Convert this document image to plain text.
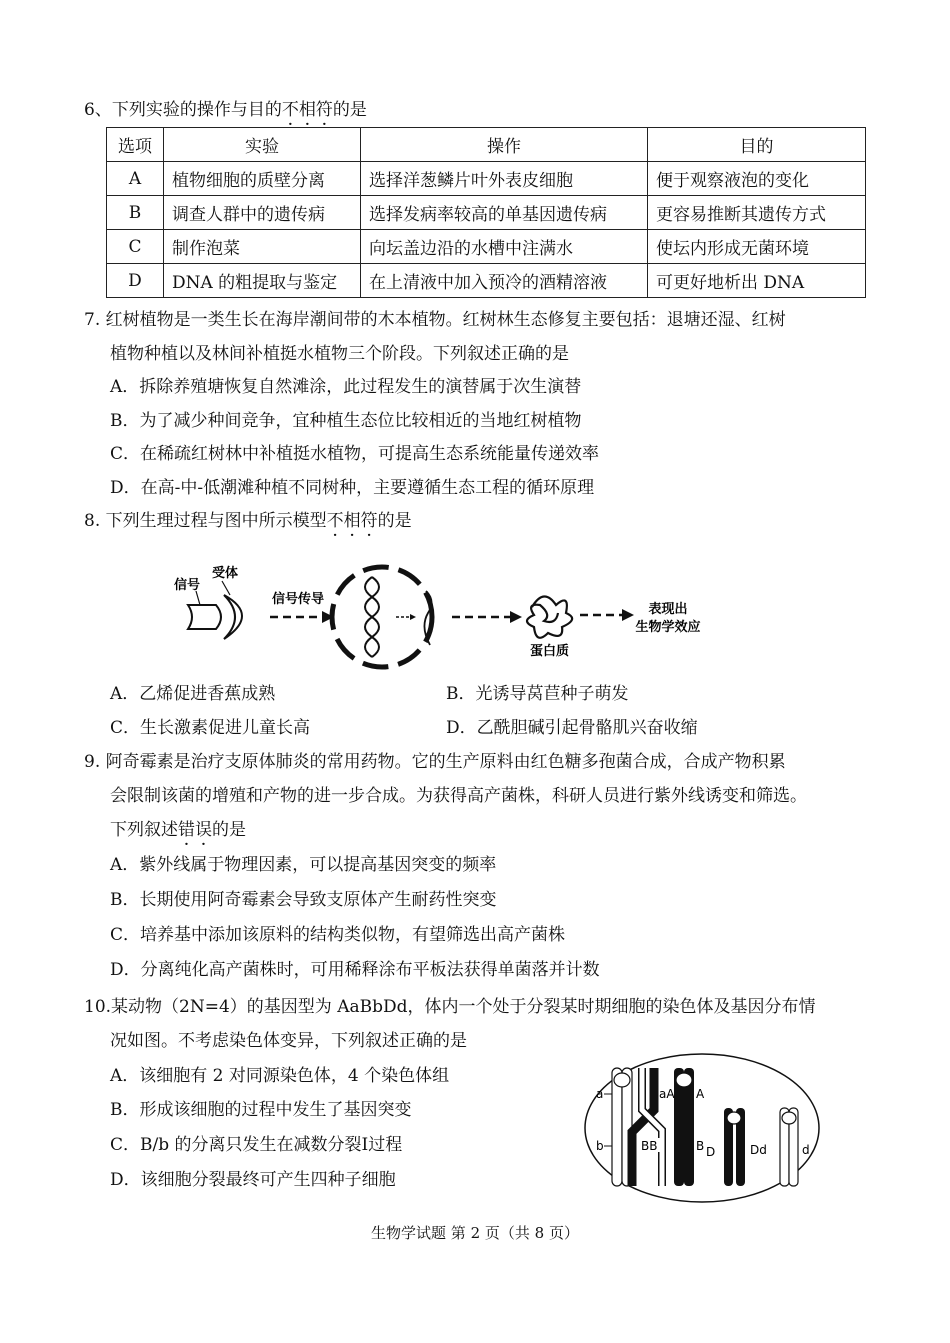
6、下列实验的操作与目的不相符的是
选项	实验	操作	目的
A	植物细胞的质壁分离	选择洋葱鳞片叶外表皮细胞	便于观察液泡的变化
B	调查人群中的遗传病	选择发病率较高的单基因遗传病	更容易推断其遗传方式
C	制作泡菜	向坛盖边沿的水槽中注满水	使坛内形成无菌环境
D	DNA 的粗提取与鉴定	在上清液中加入预冷的酒精溶液	可更好地析出 DNA
7. 红树植物是一类生长在海岸潮间带的木本植物。红树林生态修复主要包括：退塘还湿、红树
植物种植以及林间补植挺水植物三个阶段。下列叙述正确的是
A．拆除养殖塘恢复自然滩涂，此过程发生的演替属于次生演替
B．为了减少种间竞争，宜种植生态位比较相近的当地红树植物
C．在稀疏红树林中补植挺水植物，可提高生态系统能量传递效率
D．在高-中-低潮滩种植不同树种，主要遵循生态工程的循环原理
8. 下列生理过程与图中所示模型不相符的是
信号
受体
信号传导
蛋白质
表现出
生物学效应
A．乙烯促进香蕉成熟	B．光诱导莴苣种子萌发
C．生长激素促进儿童长高	D．乙酰胆碱引起骨骼肌兴奋收缩
9. 阿奇霉素是治疗支原体肺炎的常用药物。它的生产原料由红色糖多孢菌合成，合成产物积累
会限制该菌的增殖和产物的进一步合成。为获得高产菌株，科研人员进行紫外线诱变和筛选。
下列叙述错误的是
A．紫外线属于物理因素，可以提高基因突变的频率
B．长期使用阿奇霉素会导致支原体产生耐药性突变
C．培养基中添加该原料的结构类似物，有望筛选出高产菌株
D．分离纯化高产菌株时，可用稀释涂布平板法获得单菌落并计数
10.某动物（2N=4）的基因型为 AaBbDd，体内一个处于分裂某时期细胞的染色体及基因分布情
况如图。不考虑染色体变异，下列叙述正确的是
A．该细胞有 2 对同源染色体，4 个染色体组
B．形成该细胞的过程中发生了基因突变
C．B/b 的分离只发生在减数分裂Ⅰ过程
D．该细胞分裂最终可产生四种子细胞
a	aA A
b	BB	B D	Dd	d
生物学试题 第 2 页（共 8 页）
